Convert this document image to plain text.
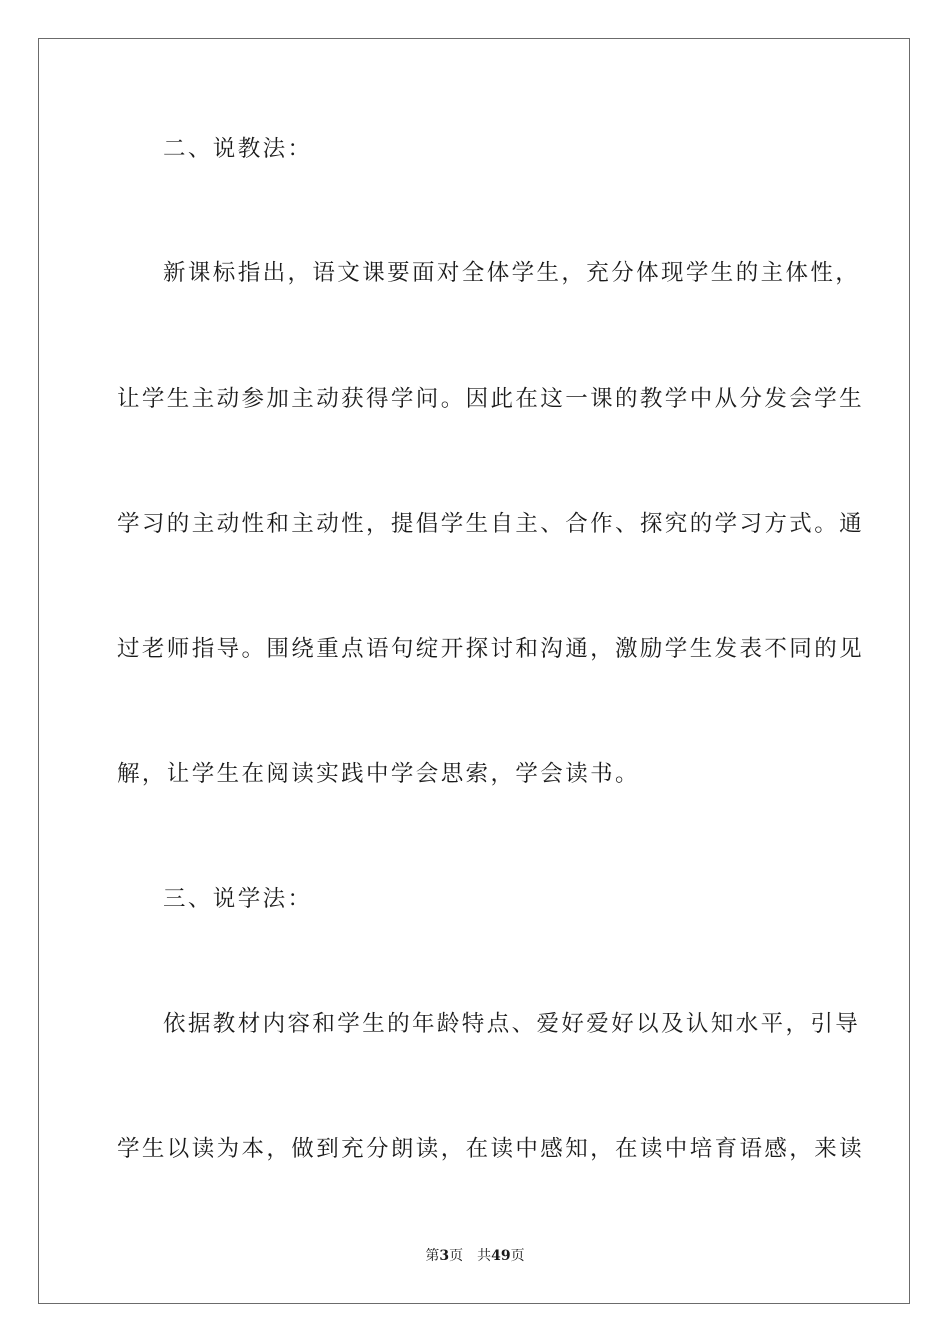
二、说教法：
新课标指出，语文课要面对全体学生，充分体现学生的主体性，
让学生主动参加主动获得学问。因此在这一课的教学中从分发会学生
学习的主动性和主动性，提倡学生自主、合作、探究的学习方式。通
过老师指导。围绕重点语句绽开探讨和沟通，激励学生发表不同的见
解，让学生在阅读实践中学会思索，学会读书。
三、说学法：
依据教材内容和学生的年龄特点、爱好爱好以及认知水平，引导
学生以读为本，做到充分朗读，在读中感知，在读中培育语感，来读
第3页 共49页
